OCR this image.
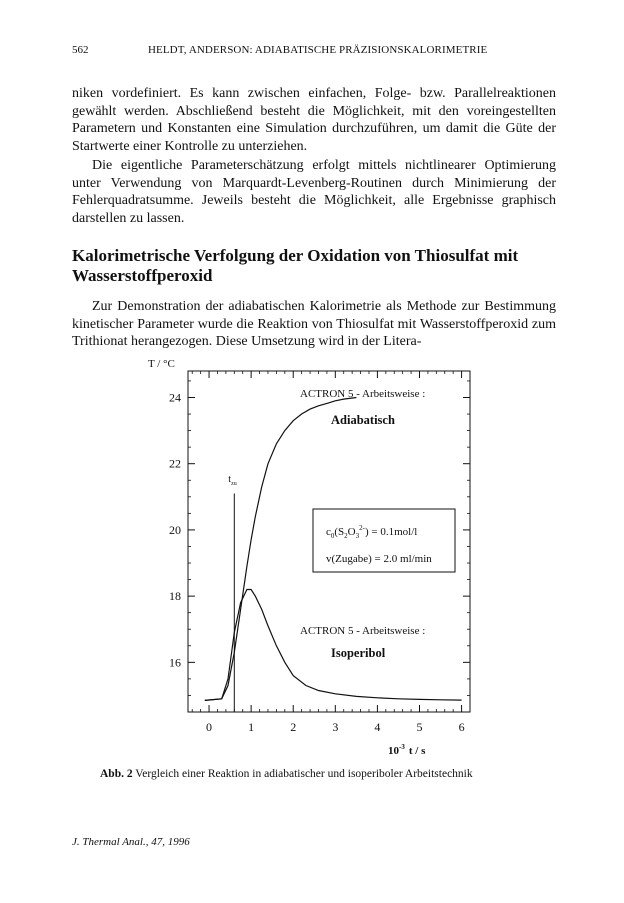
562	HELDT, ANDERSON: ADIABATISCHE PRÄZISIONSKALORIMETRIE

niken vordefiniert. Es kann zwischen einfachen, Folge- bzw. Parallelreaktionen gewählt werden. Abschließend besteht die Möglichkeit, mit den voreingestellten Parametern und Konstanten eine Simulation durchzuführen, um damit die Güte der Startwerte einer Kontrolle zu unterziehen.

Die eigentliche Parameterschätzung erfolgt mittels nichtlinearer Optimierung unter Verwendung von Marquardt-Levenberg-Routinen durch Minimierung der Fehlerquadratsumme. Jeweils besteht die Möglichkeit, alle Ergebnisse graphisch darstellen zu lassen.

Kalorimetrische Verfolgung der Oxidation von Thiosulfat mit Wasserstoffperoxid

Zur Demonstration der adiabatischen Kalorimetrie als Methode zur Bestimmung kinetischer Parameter wurde die Reaktion von Thiosulfat mit Wasserstoffperoxid zum Trithionat herangezogen. Diese Umsetzung wird in der Litera-

T / °C
0	1	2	3	4	5	6
16
18
20
22
24
$t_{zu}$
ACTRON 5 - Arbeitsweise :
Adiabatisch
ACTRON 5 - Arbeitsweise :
Isoperibol
$c_0(S_2O_3^{2-}) = 0.1mol/l$
v(Zugabe) = 2.0 ml/min
$10^{-3}$ t / s

Abb. 2 Vergleich einer Reaktion in adiabatischer und isoperiboler Arbeitstechnik

J. Thermal Anal., 47, 1996
